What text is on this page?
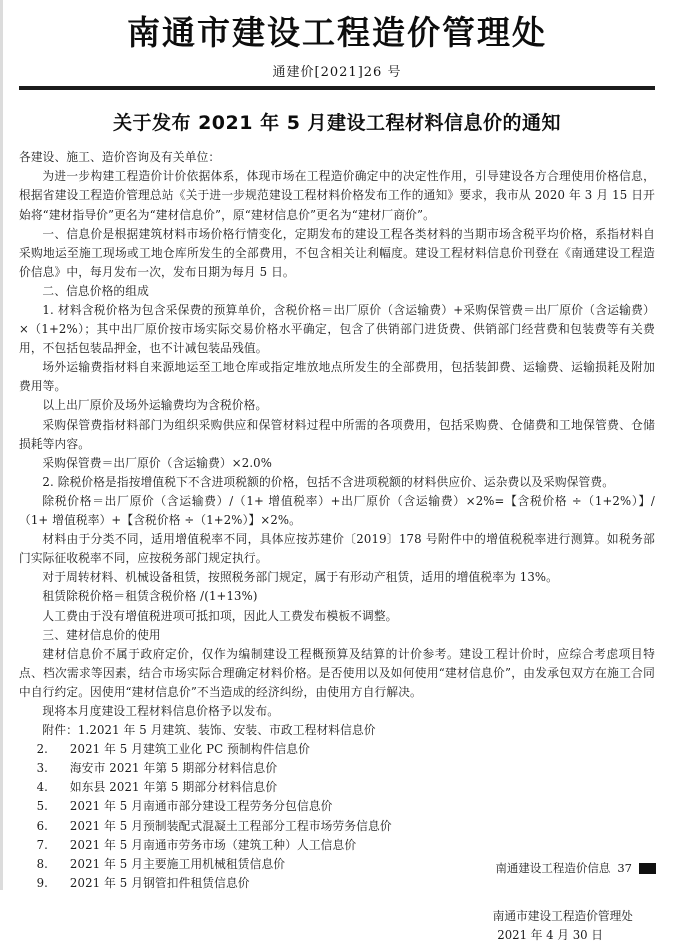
南通市建设工程造价管理处
通建价[2021]26 号
关于发布 2021 年 5 月建设工程材料信息价的通知

各建设、施工、造价咨询及有关单位：

为进一步构建工程造价计价依据体系，体现市场在工程造价确定中的决定性作用，引导建设各方合理使用价格信息，根据省建设工程造价管理总站《关于进一步规范建设工程材料价格发布工作的通知》要求，我市从 2020 年 3 月 15 日开始将“建材指导价”更名为“建材信息价”，原“建材信息价”更名为“建材厂商价”。

一、信息价是根据建筑材料市场价格行情变化，定期发布的建设工程各类材料的当期市场含税平均价格，系指材料自采购地运至施工现场或工地仓库所发生的全部费用，不包含相关让利幅度。建设工程材料信息价刊登在《南通建设工程造价信息》中，每月发布一次，发布日期为每月 5 日。

二、信息价格的组成

1. 材料含税价格为包含采保费的预算单价，含税价格＝出厂原价（含运输费）+采购保管费＝出厂原价（含运输费）×（1+2%）；其中出厂原价按市场实际交易价格水平确定，包含了供销部门进货费、供销部门经营费和包装费等有关费用，不包括包装品押金，也不计减包装品残值。

场外运输费指材料自来源地运至工地仓库或指定堆放地点所发生的全部费用，包括装卸费、运输费、运输损耗及附加费用等。

以上出厂原价及场外运输费均为含税价格。

采购保管费指材料部门为组织采购供应和保管材料过程中所需的各项费用，包括采购费、仓储费和工地保管费、仓储损耗等内容。

采购保管费＝出厂原价（含运输费）×2.0%

2. 除税价格是指按增值税下不含进项税额的价格，包括不含进项税额的材料供应价、运杂费以及采购保管费。

除税价格＝出厂原价（含运输费）/（1+ 增值税率）+出厂原价（含运输费）×2%=【含税价格 ÷（1+2%）】/（1+ 增值税率）+【含税价格 ÷（1+2%）】×2%。

材料由于分类不同，适用增值税率不同，具体应按苏建价〔2019〕178 号附件中的增值税税率进行测算。如税务部门实际征收税率不同，应按税务部门规定执行。

对于周转材料、机械设备租赁，按照税务部门规定，属于有形动产租赁，适用的增值税率为 13%。

租赁除税价格＝租赁含税价格 /(1+13%)

人工费由于没有增值税进项可抵扣项，因此人工费发布模板不调整。

三、建材信息价的使用

建材信息价不属于政府定价，仅作为编制建设工程概预算及结算的计价参考。建设工程计价时，应综合考虑项目特点、档次需求等因素，结合市场实际合理确定材料价格。是否使用以及如何使用“建材信息价”，由发承包双方在施工合同中自行约定。因使用“建材信息价”不当造成的经济纠纷，由使用方自行解决。

现将本月度建设工程材料信息价格予以发布。

附件：1.2021 年 5 月建筑、装饰、安装、市政工程材料信息价
2. 2021 年 5 月建筑工业化 PC 预制构件信息价
3. 海安市 2021 年第 5 期部分材料信息价
4. 如东县 2021 年第 5 期部分材料信息价
5. 2021 年 5 月南通市部分建设工程劳务分包信息价
6. 2021 年 5 月预制装配式混凝土工程部分工程市场劳务信息价
7. 2021 年 5 月南通市劳务市场（建筑工种）人工信息价
8. 2021 年 5 月主要施工用机械租赁信息价
9. 2021 年 5 月钢管扣件租赁信息价
南通市建设工程造价管理处
2021 年 4 月 30 日
南通建设工程造价信息 37
